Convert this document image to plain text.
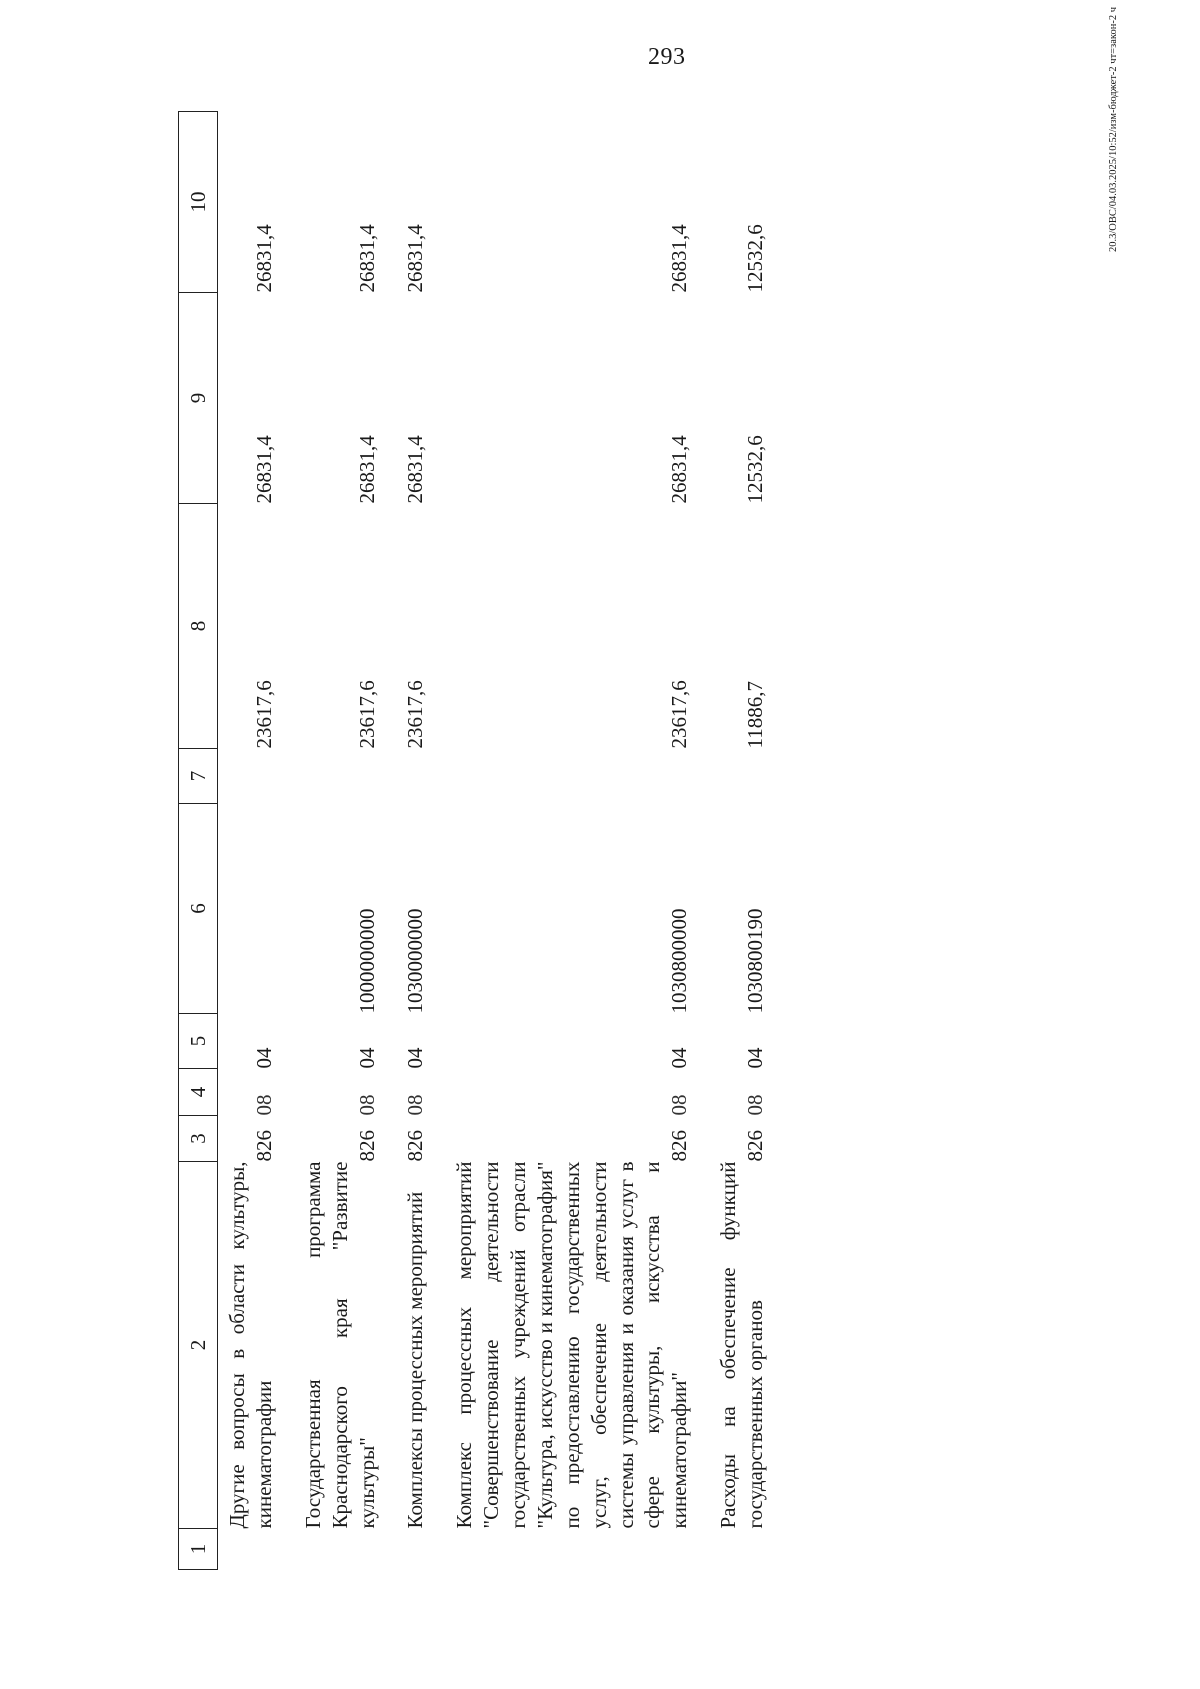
293	20.3/ОВС/04.03.2025/10:52/изм-бюджет-2 чт=закон-2 ч
1	2	3	4	5	6	7	8	9	10
	Другие вопросы в области культуры, кинематографии	826	08	04			23617,6	26831,4	26831,4
	Государственная программа Краснодарского края "Развитие культуры"	826	08	04	1000000000		23617,6	26831,4	26831,4
	Комплексы процессных мероприятий	826	08	04	1030000000		23617,6	26831,4	26831,4
	Комплекс процессных мероприятий "Совершенствование деятельности государственных учреждений отрасли "Культура, искусство и кинематография" по предоставлению государственных услуг, обеспечение деятельности системы управления и оказания услуг в сфере культуры, искусства и кинематографии"	826	08	04	1030800000		23617,6	26831,4	26831,4
	Расходы на обеспечение функций государственных органов	826	08	04	1030800190		11886,7	12532,6	12532,6
